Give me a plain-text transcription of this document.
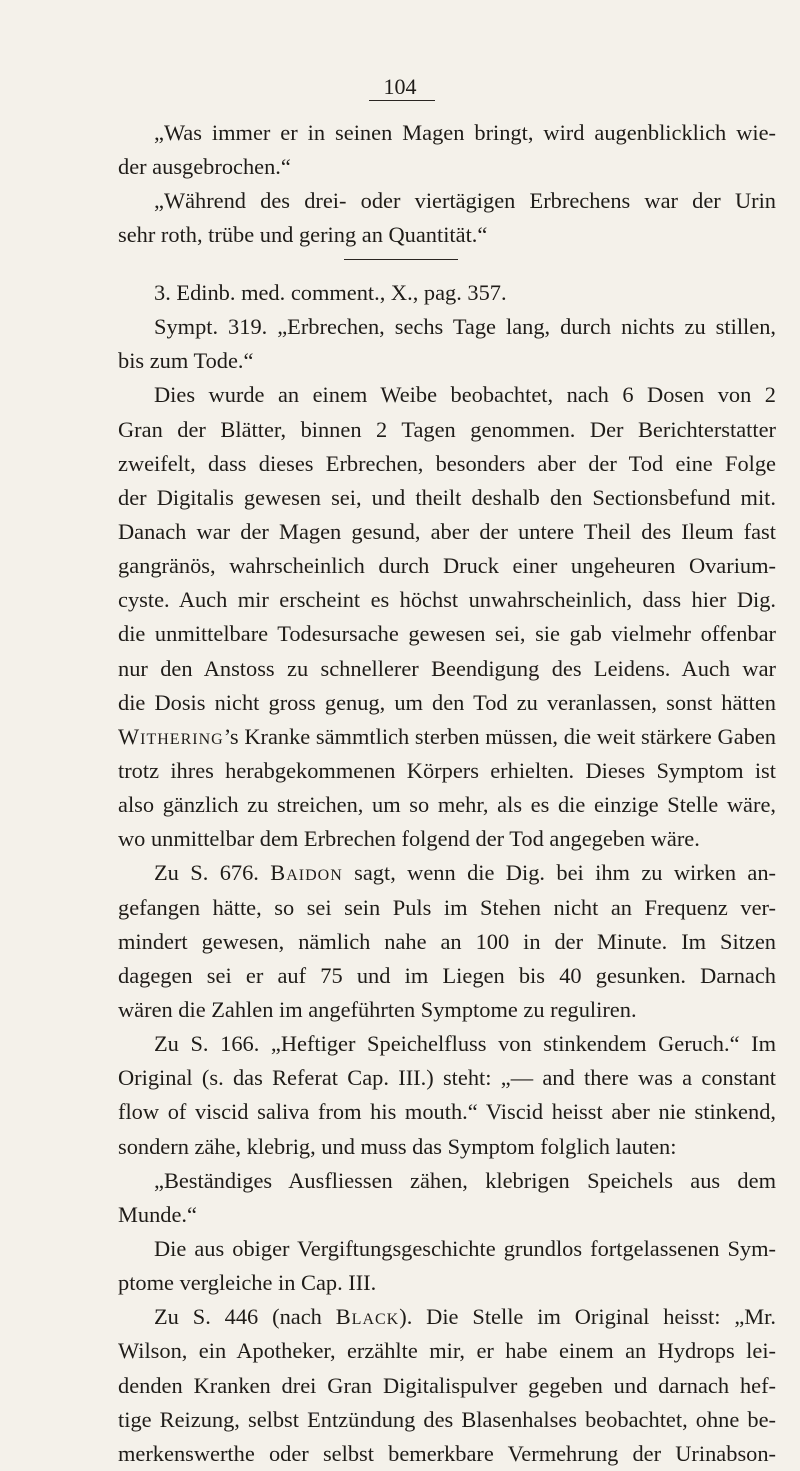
104
„Was immer er in seinen Magen bringt, wird augenblicklich wie-
der ausgebrochen.“
„Während des drei- oder viertägigen Erbrechens war der Urin
sehr roth, trübe und gering an Quantität.“
3. Edinb. med. comment., X., pag. 357.
Sympt. 319. „Erbrechen, sechs Tage lang, durch nichts zu stillen,
bis zum Tode.“
Dies wurde an einem Weibe beobachtet, nach 6 Dosen von 2
Gran der Blätter, binnen 2 Tagen genommen. Der Berichterstatter
zweifelt, dass dieses Erbrechen, besonders aber der Tod eine Folge
der Digitalis gewesen sei, und theilt deshalb den Sectionsbefund mit.
Danach war der Magen gesund, aber der untere Theil des Ileum fast
gangränös, wahrscheinlich durch Druck einer ungeheuren Ovarium-
cyste. Auch mir erscheint es höchst unwahrscheinlich, dass hier Dig.
die unmittelbare Todesursache gewesen sei, sie gab vielmehr offenbar
nur den Anstoss zu schnellerer Beendigung des Leidens. Auch war
die Dosis nicht gross genug, um den Tod zu veranlassen, sonst hätten
Withering’s Kranke sämmtlich sterben müssen, die weit stärkere Gaben
trotz ihres herabgekommenen Körpers erhielten. Dieses Symptom ist
also gänzlich zu streichen, um so mehr, als es die einzige Stelle wäre,
wo unmittelbar dem Erbrechen folgend der Tod angegeben wäre.
Zu S. 676. Baidon sagt, wenn die Dig. bei ihm zu wirken an-
gefangen hätte, so sei sein Puls im Stehen nicht an Frequenz ver-
mindert gewesen, nämlich nahe an 100 in der Minute. Im Sitzen
dagegen sei er auf 75 und im Liegen bis 40 gesunken. Darnach
wären die Zahlen im angeführten Symptome zu reguliren.
Zu S. 166. „Heftiger Speichelfluss von stinkendem Geruch.“ Im
Original (s. das Referat Cap. III.) steht: „— and there was a constant
flow of viscid saliva from his mouth.“ Viscid heisst aber nie stinkend,
sondern zähe, klebrig, und muss das Symptom folglich lauten:
„Beständiges Ausfliessen zähen, klebrigen Speichels aus dem
Munde.“
Die aus obiger Vergiftungsgeschichte grundlos fortgelassenen Sym-
ptome vergleiche in Cap. III.
Zu S. 446 (nach Black). Die Stelle im Original heisst: „Mr.
Wilson, ein Apotheker, erzählte mir, er habe einem an Hydrops lei-
denden Kranken drei Gran Digitalispulver gegeben und darnach hef-
tige Reizung, selbst Entzündung des Blasenhalses beobachtet, ohne be-
merkenswerthe oder selbst bemerkbare Vermehrung der Urinabson-
